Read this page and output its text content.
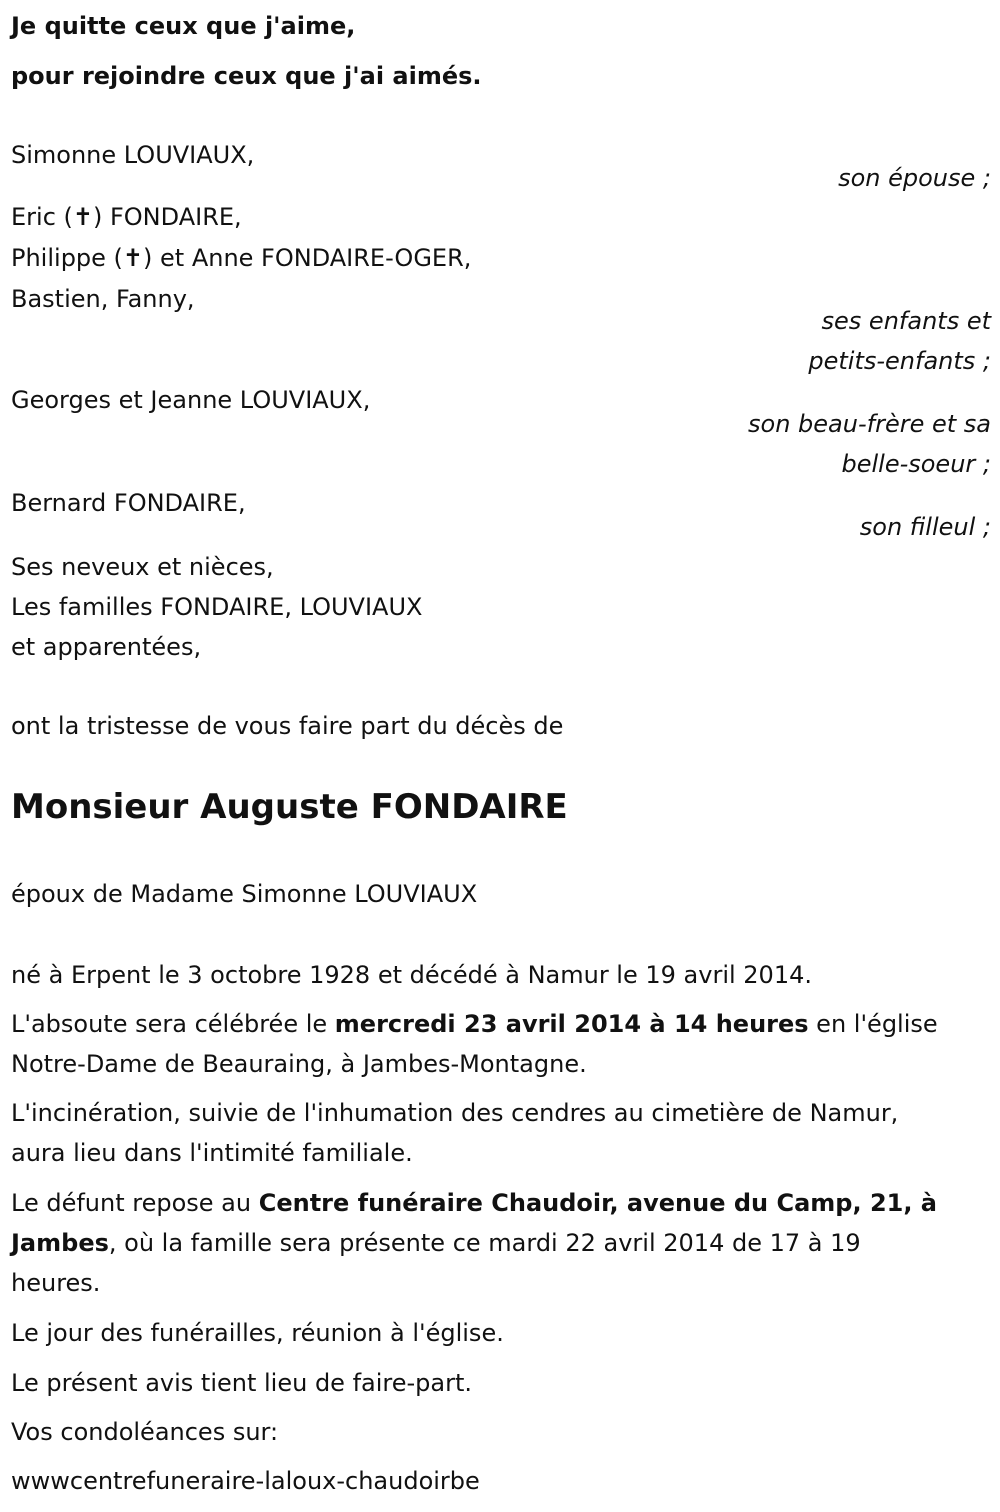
Je quitte ceux que j'aime,
pour rejoindre ceux que j'ai aimés.
Simonne LOUVIAUX,
son épouse ;
Eric (✝) FONDAIRE,
Philippe (✝) et Anne FONDAIRE-OGER,
Bastien, Fanny,
ses enfants et
petits-enfants ;
Georges et Jeanne LOUVIAUX,
son beau-frère et sa
belle-soeur ;
Bernard FONDAIRE,
son filleul ;
Ses neveux et nièces,
Les familles FONDAIRE, LOUVIAUX
et apparentées,
ont la tristesse de vous faire part du décès de
Monsieur Auguste FONDAIRE
époux de Madame Simonne LOUVIAUX
né à Erpent le 3 octobre 1928 et décédé à Namur le 19 avril 2014.
L'absoute sera célébrée le mercredi 23 avril 2014 à 14 heures en l'église
Notre-Dame de Beauraing, à Jambes-Montagne.
L'incinération, suivie de l'inhumation des cendres au cimetière de Namur,
aura lieu dans l'intimité familiale.
Le défunt repose au Centre funéraire Chaudoir, avenue du Camp, 21, à
Jambes, où la famille sera présente ce mardi 22 avril 2014 de 17 à 19
heures.
Le jour des funérailles, réunion à l'église.
Le présent avis tient lieu de faire-part.
Vos condoléances sur:
wwwcentrefuneraire-laloux-chaudoirbe
